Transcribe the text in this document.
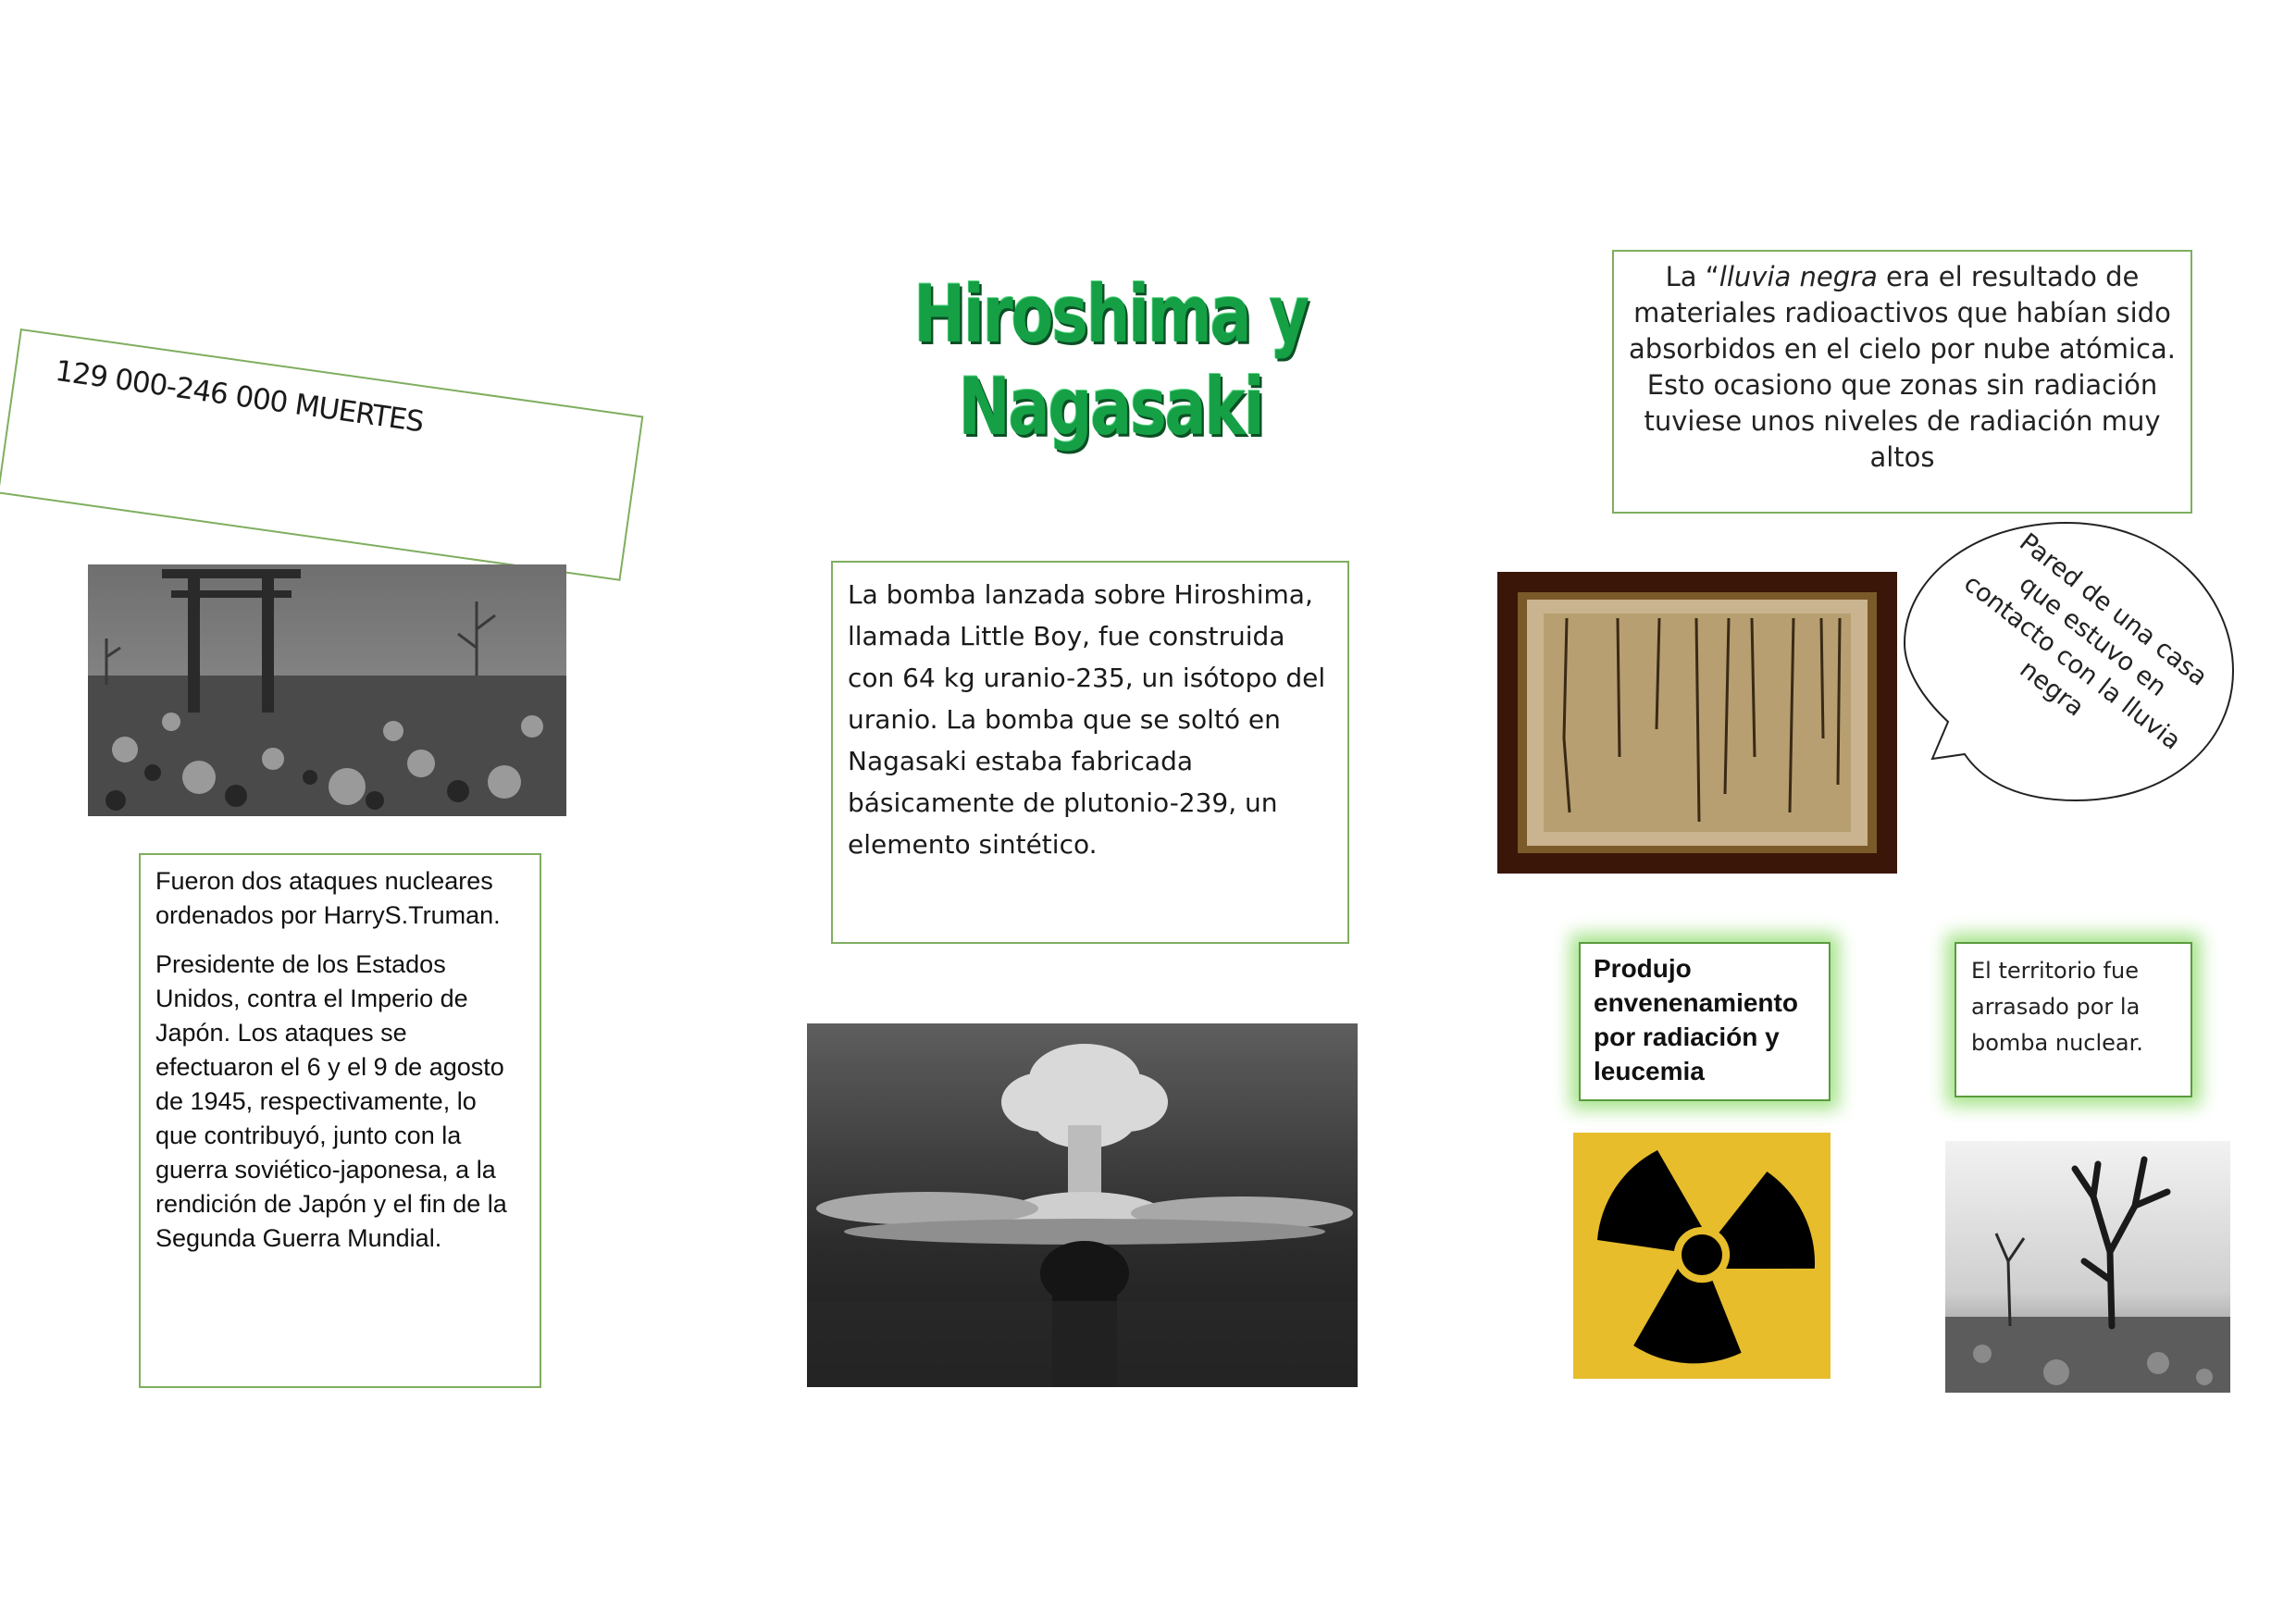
Hiroshima y Nagasaki
129 000-246 000 MUERTES
La “lluvia negra era el resultado de materiales radioactivos que habían sido absorbidos en el cielo por nube atómica. Esto ocasiono que zonas sin radiación tuviese unos niveles de radiación muy altos
La bomba lanzada sobre Hiroshima, llamada Little Boy, fue construida con 64 kg uranio-235, un isótopo del uranio. La bomba que se soltó en Nagasaki estaba fabricada básicamente de plutonio-239, un elemento sintético.
Pared de una casa que estuvo en contacto con la lluvia negra

Fueron dos ataques nucleares ordenados por HarryS.Truman.

Presidente de los Estados Unidos, contra el Imperio de Japón. Los ataques se efectuaron el 6 y el 9 de agosto de 1945, respectivamente, lo que contribuyó, junto con la guerra soviético-japonesa, a la rendición de Japón y el fin de la Segunda Guerra Mundial.

Produjo envenenamiento por radiación y leucemia
El territorio fue arrasado por la bomba nuclear.
